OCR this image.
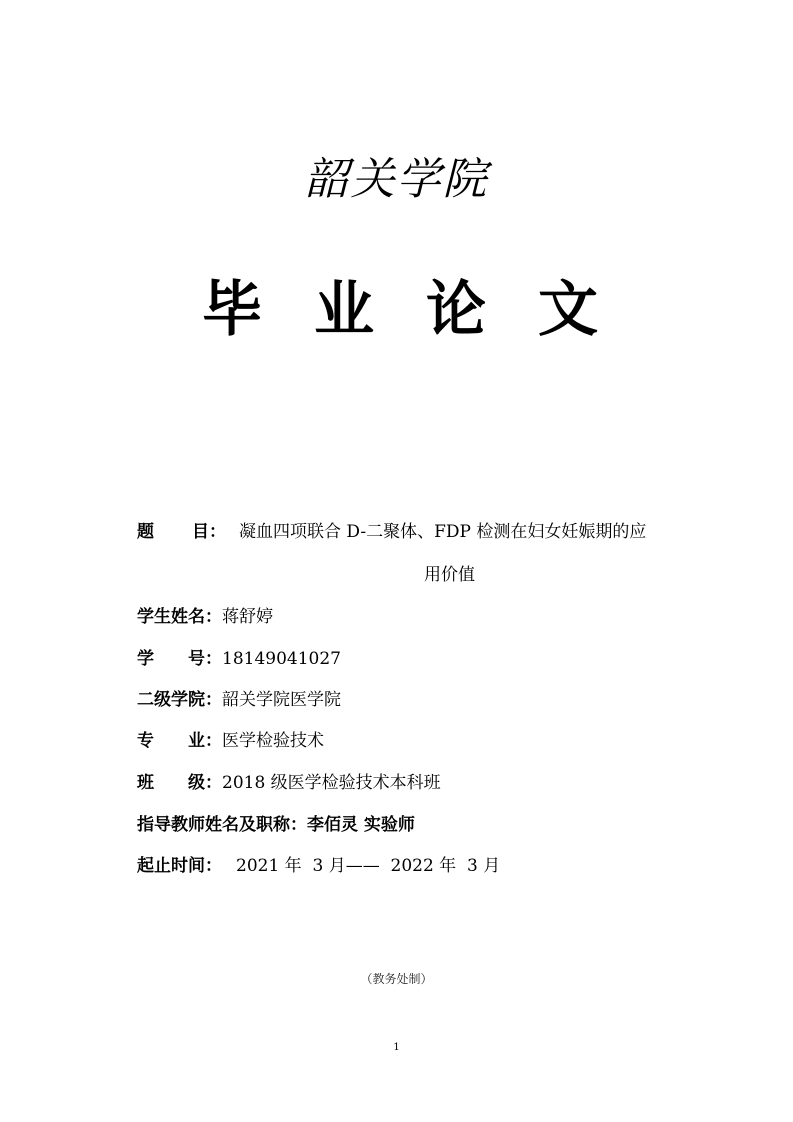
韶关学院
毕 业 论 文
题 目： 凝血四项联合 D-二聚体、FDP 检测在妇女妊娠期的应
用价值
学生姓名：蒋舒婷
学 号：18149041027
二级学院：韶关学院医学院
专 业：医学检验技术
班 级：2018 级医学检验技术本科班
指导教师姓名及职称：李佰灵 实验师
起止时间： 2021 年  3 月——  2022 年  3 月
（教务处制）
1
